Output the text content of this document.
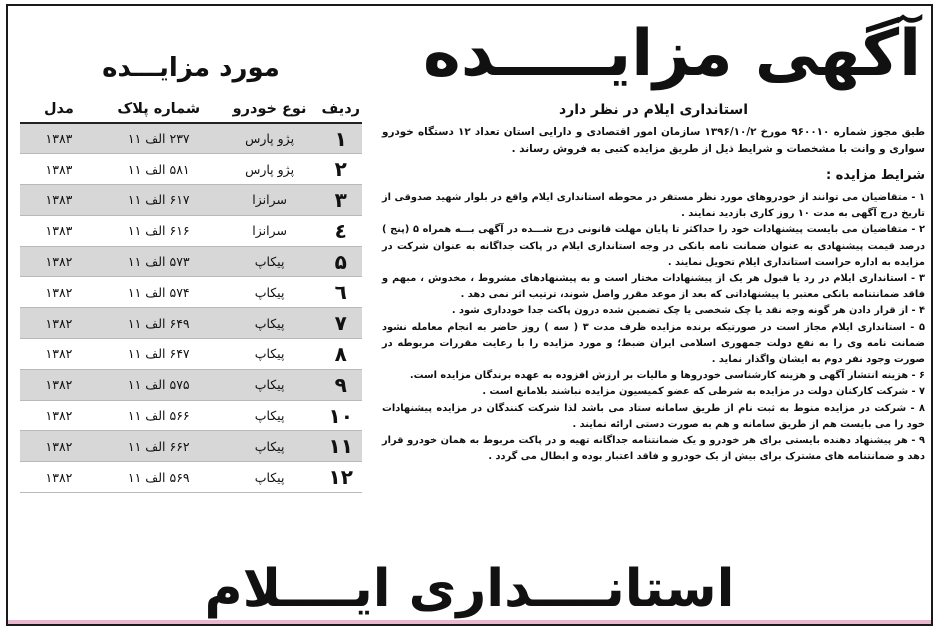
آگهی مزایـــــده
استانداری ایلام در نظر دارد

طبق مجوز شماره ۹۶۰۰۱۰ مورخ ۱۳۹۶/۱۰/۲ سازمان امور اقتصادی و دارایی استان تعداد ۱۲ دستگاه خودرو سواری و وانت با مشخصات و شرایط ذیل از طریق مزایده کتبی به فروش رساند .

شرایط مزایده :
۱ - متقاضیان می توانند از خودروهای مورد نظر مستقر در محوطه استانداری ایلام واقع در بلوار شهید صدوقی از تاریخ درج آگهی به مدت ۱۰ روز کاری بازدید نمایند .
۲ - متقاضیان می بایست پیشنهادات خود را حداکثر تا پایان مهلت قانونی درج شـــده در آگهی بـــه همراه ۵ (پنج ) درصد قیمت پیشنهادی به عنوان ضمانت نامه بانکی در وجه استانداری ایلام در پاکت جداگانه به عنوان شرکت در مزایده به اداره حراست استانداری ایلام تحویل نمایند .
۳ - استانداری ایلام در رد یا قبول هر یک از پیشنهادات مختار است و به پیشنهادهای مشروط ، مخدوش ، مبهم و فاقد ضمانتنامه بانکی معتبر یا پیشنهاداتی که بعد از موعد مقرر واصل شوند، ترتیب اثر نمی دهد .
۴ - از قرار دادن هر گونه وجه نقد یا چک شخصی یا چک تضمین شده درون پاکت جدا خودداری شود .
۵ - استانداری ایلام مجاز است در صورتیکه برنده مزایده ظرف مدت ۳ ( سه ) روز حاضر به انجام معامله نشود ضمانت نامه وی را به نفع دولت جمهوری اسلامی ایران ضبط؛ و مورد مزایده را با رعایت مقررات مربوطه در صورت وجود نفر دوم به ایشان واگذار نماید .
۶ - هزینه انتشار آگهی و هزینه کارشناسی خودروها و مالیات بر ارزش افزوده به عهده برندگان مزایده است.
۷ - شرکت کارکنان دولت در مزایده به شرطی که عضو کمیسیون مزایده نباشند بلامانع است .
۸ - شرکت در مزایده منوط به ثبت نام از طریق سامانه ستاد می باشد لذا شرکت کنندگان در مزایده پیشنهادات خود را می بایست هم از طریق سامانه و هم به صورت دستی ارائه نمایند .
۹ - هر پیشنهاد دهنده بایستی برای هر خودرو و یک ضمانتنامه جداگانه تهیه و در پاکت مربوط به همان خودرو قرار دهد و ضمانتنامه های مشترک برای بیش از یک خودرو و فاقد اعتبار بوده و ابطال می گردد .
مورد مزایـــده
ردیف	نوع خودرو	شماره پلاک	مدل
۱	پژو پارس	۲۳۷ الف ۱۱	۱۳۸۳
۲	پژو پارس	۵۸۱ الف ۱۱	۱۳۸۳
۳	سرانزا	۶۱۷ الف ۱۱	۱۳۸۳
٤	سرانزا	۶۱۶ الف ۱۱	۱۳۸۳
۵	پیکاپ	۵۷۳ الف ۱۱	۱۳۸۲
٦	پیکاپ	۵۷۴ الف ۱۱	۱۳۸۲
۷	پیکاپ	۶۴۹ الف ۱۱	۱۳۸۲
۸	پیکاپ	۶۴۷ الف ۱۱	۱۳۸۲
۹	پیکاپ	۵۷۵ الف ۱۱	۱۳۸۲
۱۰	پیکاپ	۵۶۶ الف ۱۱	۱۳۸۲
۱۱	پیکاپ	۶۶۲ الف ۱۱	۱۳۸۲
۱۲	پیکاپ	۵۶۹ الف ۱۱	۱۳۸۲
استانــــداری ایــــلام
